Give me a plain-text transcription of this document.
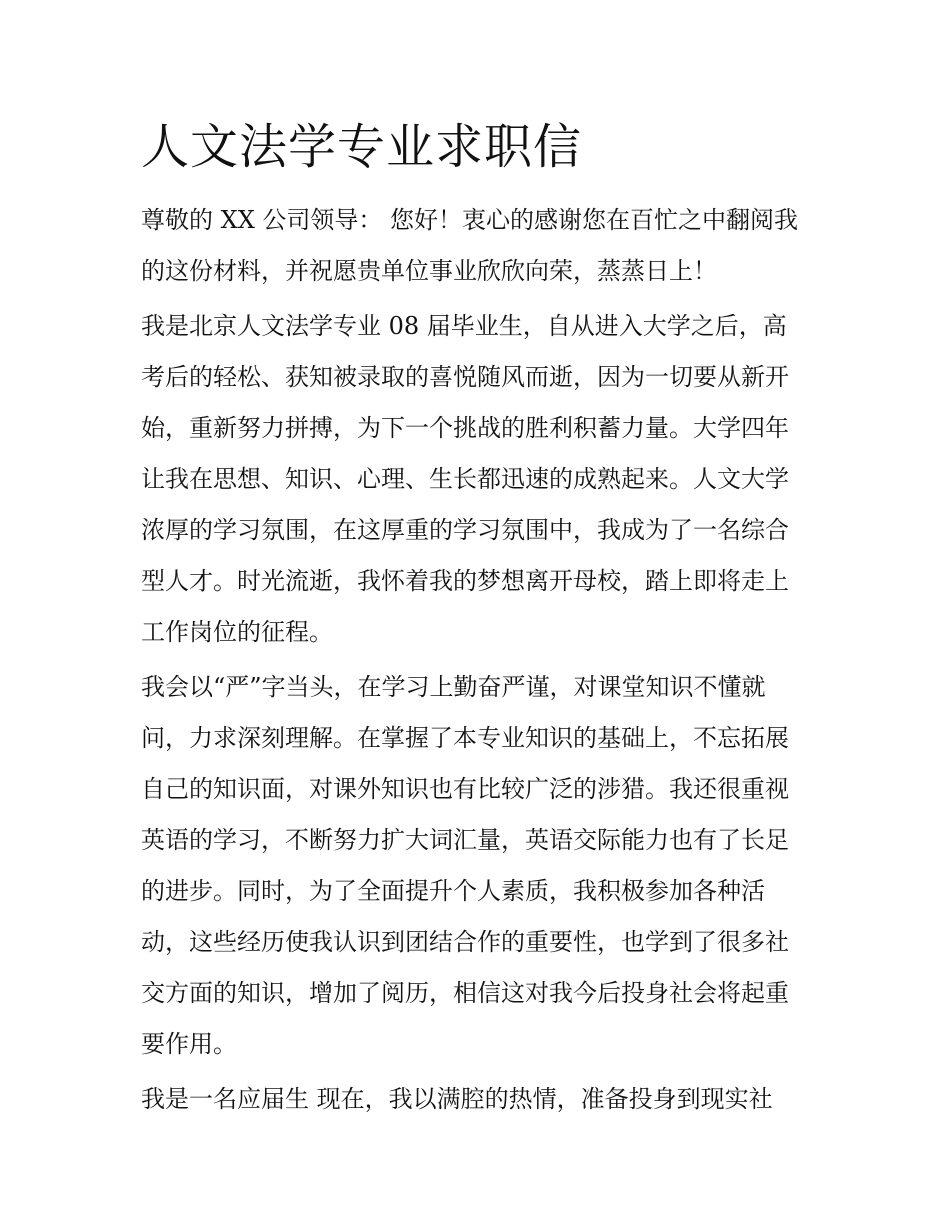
人文法学专业求职信

尊敬的 XX 公司领导： 您好！衷心的感谢您在百忙之中翻阅我
的这份材料，并祝愿贵单位事业欣欣向荣，蒸蒸日上！

我是北京人文法学专业 08 届毕业生，自从进入大学之后，高
考后的轻松、获知被录取的喜悦随风而逝，因为一切要从新开
始，重新努力拼搏，为下一个挑战的胜利积蓄力量。大学四年
让我在思想、知识、心理、生长都迅速的成熟起来。人文大学
浓厚的学习氛围，在这厚重的学习氛围中，我成为了一名综合
型人才。时光流逝，我怀着我的梦想离开母校，踏上即将走上
工作岗位的征程。

我会以“严”字当头，在学习上勤奋严谨，对课堂知识不懂就
问，力求深刻理解。在掌握了本专业知识的基础上，不忘拓展
自己的知识面，对课外知识也有比较广泛的涉猎。我还很重视
英语的学习，不断努力扩大词汇量，英语交际能力也有了长足
的进步。同时，为了全面提升个人素质，我积极参加各种活
动，这些经历使我认识到团结合作的重要性，也学到了很多社
交方面的知识，增加了阅历，相信这对我今后投身社会将起重
要作用。

我是一名应届生 现在，我以满腔的热情，准备投身到现实社
